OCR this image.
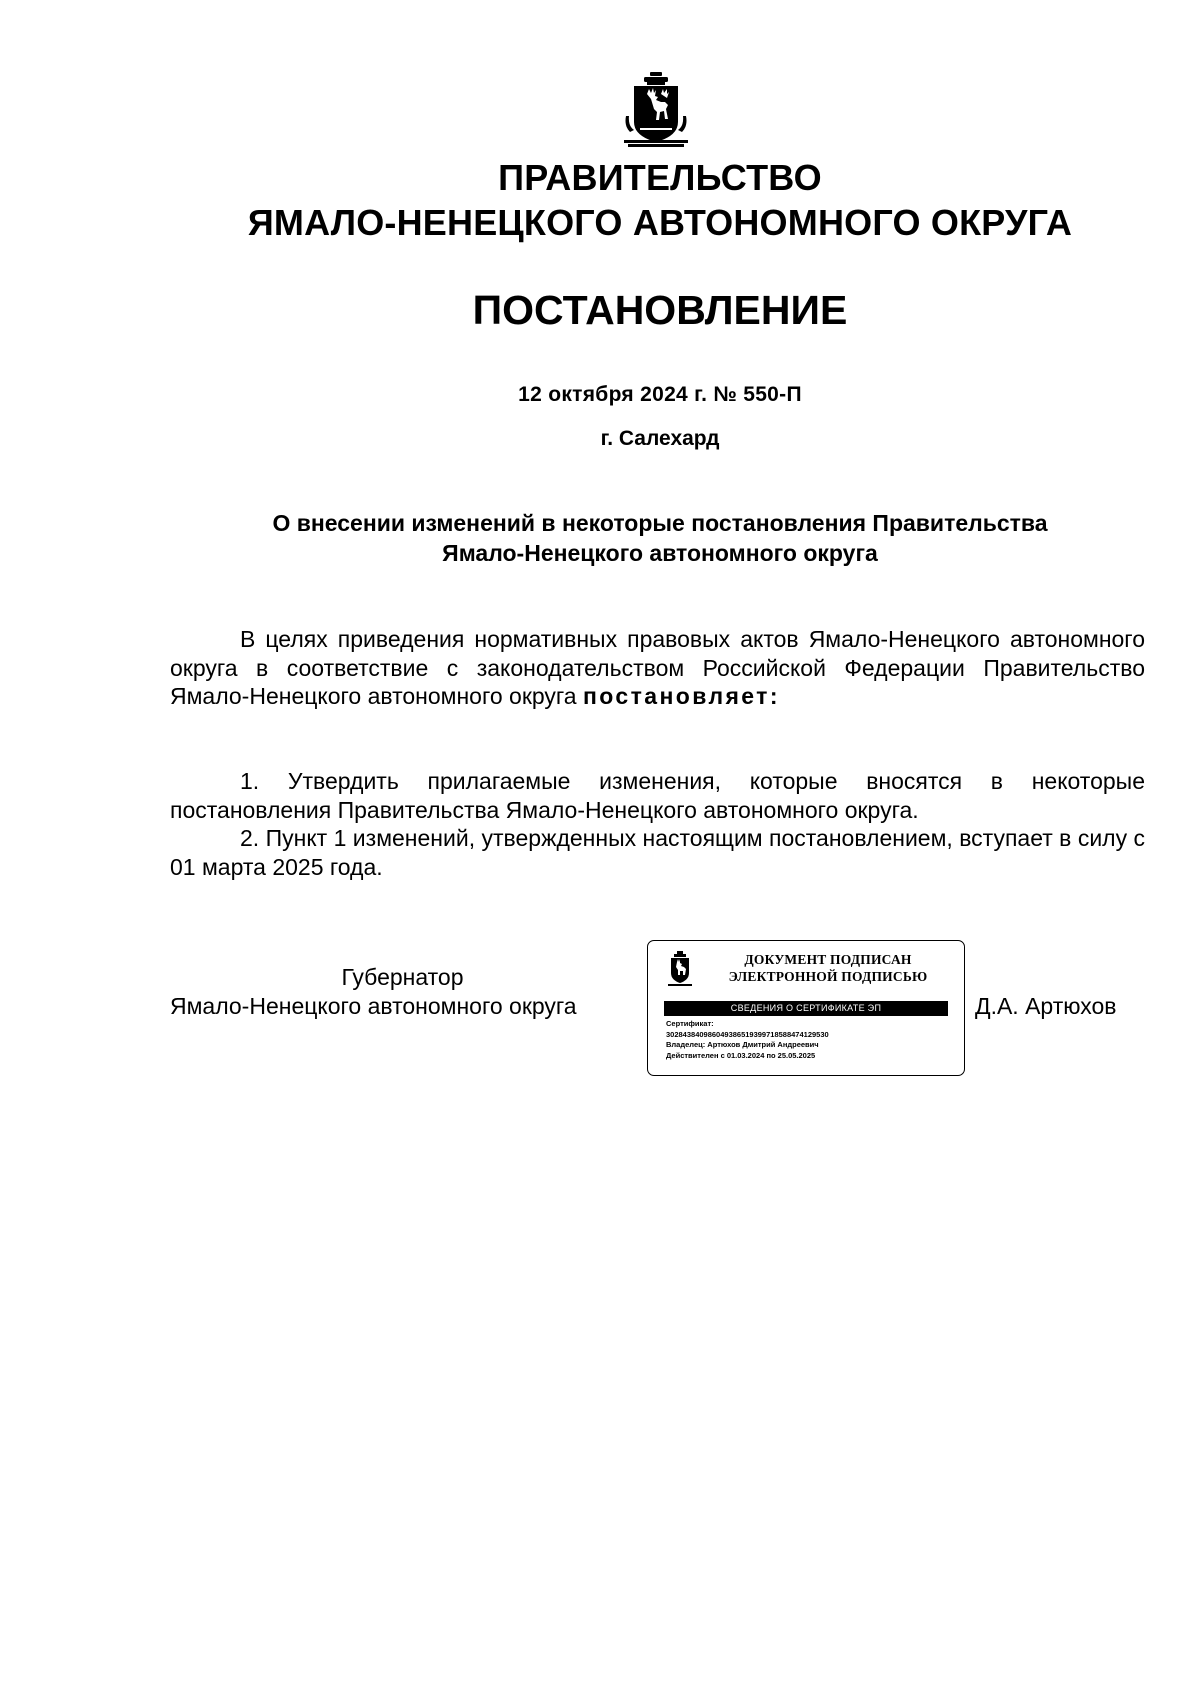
ПРАВИТЕЛЬСТВО
ЯМАЛО-НЕНЕЦКОГО АВТОНОМНОГО ОКРУГА
ПОСТАНОВЛЕНИЕ
12 октября 2024 г. № 550-П
г. Салехард
О внесении изменений в некоторые постановления Правительства
Ямало-Ненецкого автономного округа
В целях приведения нормативных правовых актов Ямало-Ненецкого автономного округа в соответствие с законодательством Российской Федерации Правительство Ямало-Ненецкого автономного округа постановляет:
1. Утвердить прилагаемые изменения, которые вносятся в некоторые постановления Правительства Ямало-Ненецкого автономного округа.
2. Пункт 1 изменений, утвержденных настоящим постановлением, вступает в силу с 01 марта 2025 года.
Губернатор
Ямало-Ненецкого автономного округа
ДОКУМЕНТ ПОДПИСАН
ЭЛЕКТРОННОЙ ПОДПИСЬЮ
СВЕДЕНИЯ О СЕРТИФИКАТЕ ЭП
Сертификат:
302843840986049386519399718588474129530
Владелец: Артюхов Дмитрий Андреевич
Действителен с 01.03.2024 по 25.05.2025
Д.А. Артюхов
